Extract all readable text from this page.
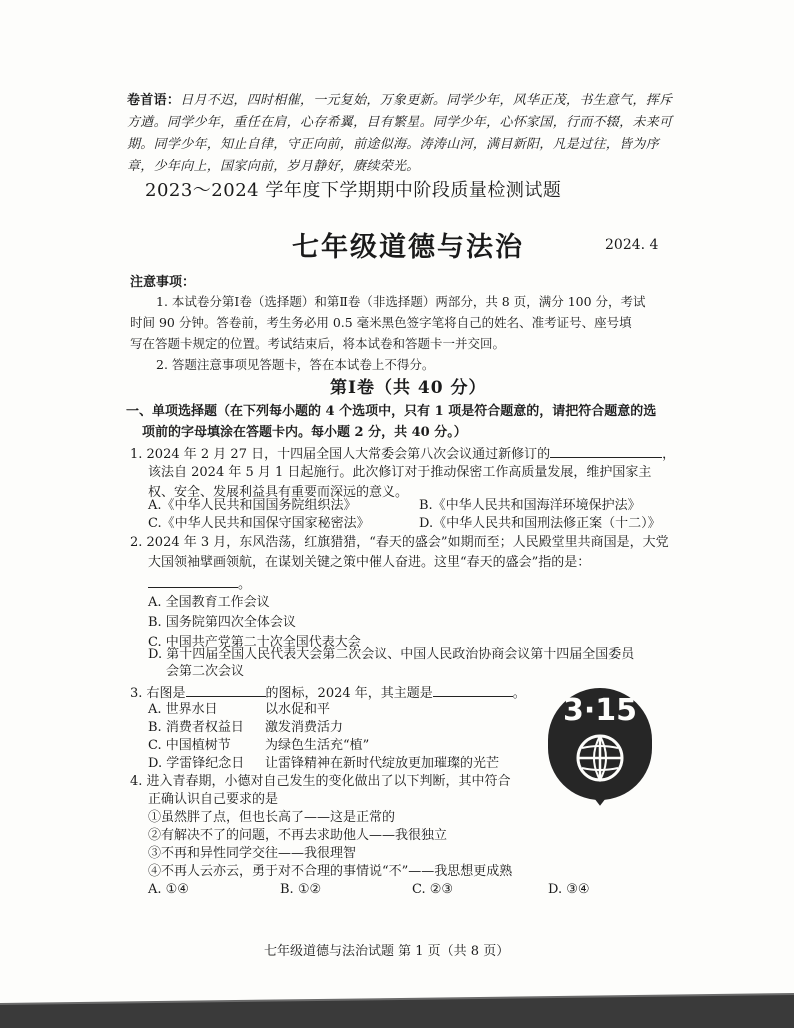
卷首语：日月不迟，四时相催，一元复始，万象更新。同学少年，风华正茂，书生意气，挥斥方遒。同学少年，重任在肩，心存希翼，目有繁星。同学少年，心怀家国，行而不辍，未来可期。同学少年，知止自律，守正向前，前途似海。涛涛山河，满目新阳，凡是过往，皆为序章，少年向上，国家向前，岁月静好，赓续荣光。
2023～2024 学年度下学期期中阶段质量检测试题
七年级道德与法治	2024. 4
注意事项：

1. 本试卷分第Ⅰ卷（选择题）和第Ⅱ卷（非选择题）两部分，共 8 页，满分 100 分，考试

时间 90 分钟。答卷前，考生务必用 0.5 毫米黑色签字笔将自己的姓名、准考证号、座号填

写在答题卡规定的位置。考试结束后，将本试卷和答题卡一并交回。

2. 答题注意事项见答题卡，答在本试卷上不得分。

第Ⅰ卷（共 40 分）
一、单项选择题（在下列每小题的 4 个选项中，只有 1 项是符合题意的，请把符合题意的选
项前的字母填涂在答题卡内。每小题 2 分，共 40 分。）
1. 2024 年 2 月 27 日，十四届全国人大常委会第八次会议通过新修订的	，
该法自 2024 年 5 月 1 日起施行。此次修订对于推动保密工作高质量发展，维护国家主
权、安全、发展利益具有重要而深远的意义。
A.《中华人民共和国国务院组织法》	B.《中华人民共和国海洋环境保护法》
C.《中华人民共和国保守国家秘密法》	D.《中华人民共和国刑法修正案（十二）》
2. 2024 年 3 月，东风浩荡，红旗猎猎，“春天的盛会”如期而至；人民殿堂里共商国是，大党
大国领袖擘画领航，在谋划关键之策中催人奋进。这里“春天的盛会”指的是：
。
A. 全国教育工作会议
B. 国务院第四次全体会议
C. 中国共产党第二十次全国代表大会
D. 第十四届全国人民代表大会第二次会议、中国人民政治协商会议第十四届全国委员
会第二次会议
3. 右图是	的图标，2024 年，其主题是	。
A. 世界水日	以水促和平
B. 消费者权益日 激发消费活力
C. 中国植树节	为绿色生活充“植”
D. 学雷锋纪念日 让雷锋精神在新时代绽放更加璀璨的光芒
3·15
4. 进入青春期，小德对自己发生的变化做出了以下判断，其中符合
正确认识自己要求的是
①虽然胖了点，但也长高了——这是正常的
②有解决不了的问题，不再去求助他人——我很独立
③不再和异性同学交往——我很理智
④不再人云亦云，勇于对不合理的事情说“不”——我思想更成熟
A. ①④	B. ①②	C. ②③	D. ③④
七年级道德与法治试题 第 1 页（共 8 页）
